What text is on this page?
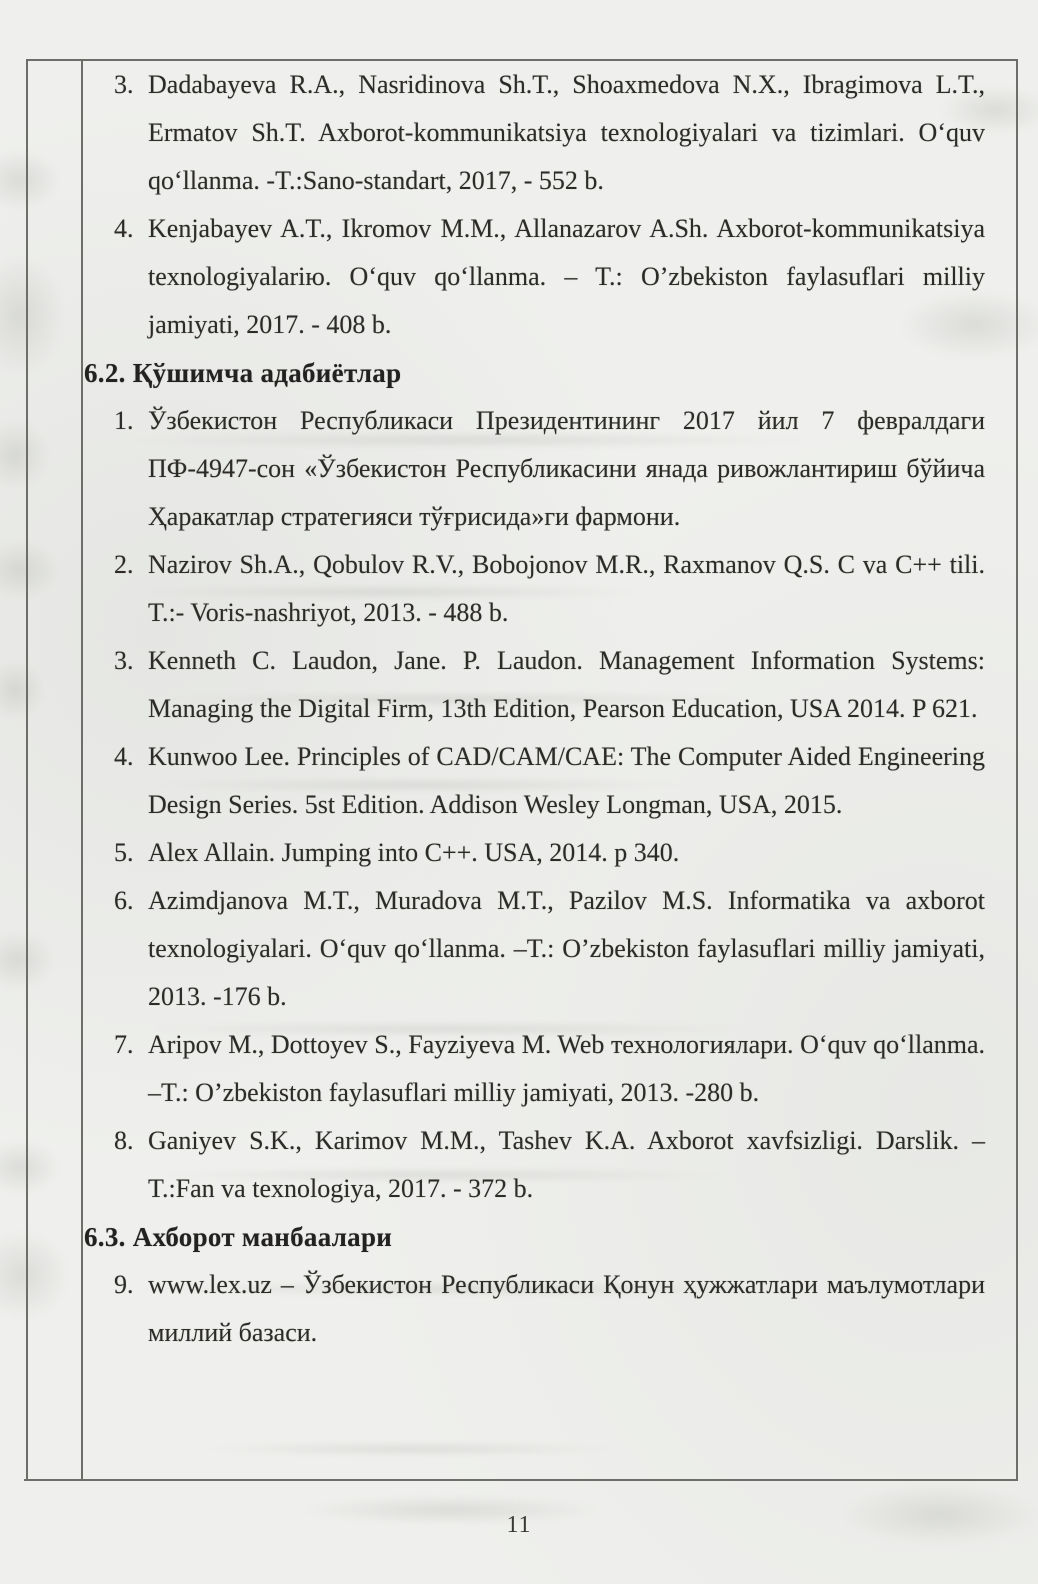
3. Dadabayeva R.A., Nasridinova Sh.T., Shoaxmedova N.X., Ibragimova L.T., Ermatov Sh.T. Axborot-kommunikatsiya texnologiyalari va tizimlari. O‘quv qo‘llanma. -T.:Sano-standart, 2017, - 552 b.
4. Kenjabayev A.T., Ikromov M.M., Allanazarov A.Sh. Axborot-kommunikatsiya texnologiyalariю. O‘quv qo‘llanma. – T.: O’zbekiston faylasuflari milliy jamiyati, 2017. - 408 b.
6.2. Қўшимча адабиётлар
1. Ўзбекистон Республикаси Президентининг 2017 йил 7 февралдаги ПФ-4947-сон «Ўзбекистон Республикасини янада ривожлантириш бўйича Ҳаракатлар стратегияси тўғрисида»ги фармони.
2. Nazirov Sh.A., Qobulov R.V., Bobojonov M.R., Raxmanov Q.S. C va C++ tili. T.:- Voris-nashriyot, 2013. - 488 b.
3. Kenneth C. Laudon, Jane. P. Laudon. Management Information Systems: Managing the Digital Firm, 13th Edition, Pearson Education, USA 2014. P 621.
4. Kunwoo Lee. Principles of CAD/CAM/CAE: The Computer Aided Engineering Design Series. 5st Edition. Addison Wesley Longman, USA, 2015.
5. Alex Allain. Jumping into C++. USA, 2014. p 340.
6. Azimdjanova M.T., Muradova M.T., Pazilov M.S. Informatika va axborot texnologiyalari. O‘quv qo‘llanma. –T.: O’zbekiston faylasuflari milliy jamiyati, 2013. -176 b.
7. Aripov M., Dottoyev S., Fayziyeva M. Web технологиялари. O‘quv qo‘llanma. –T.: O’zbekiston faylasuflari milliy jamiyati, 2013. -280 b.
8. Ganiyev S.K., Karimov M.M., Tashev K.A. Axborot xavfsizligi. Darslik. – T.:Fan va texnologiya, 2017. - 372 b.
6.3. Ахборот манбаалари
9. www.lex.uz – Ўзбекистон Республикаси Қонун ҳужжатлари маълумотлари миллий базаси.
11
